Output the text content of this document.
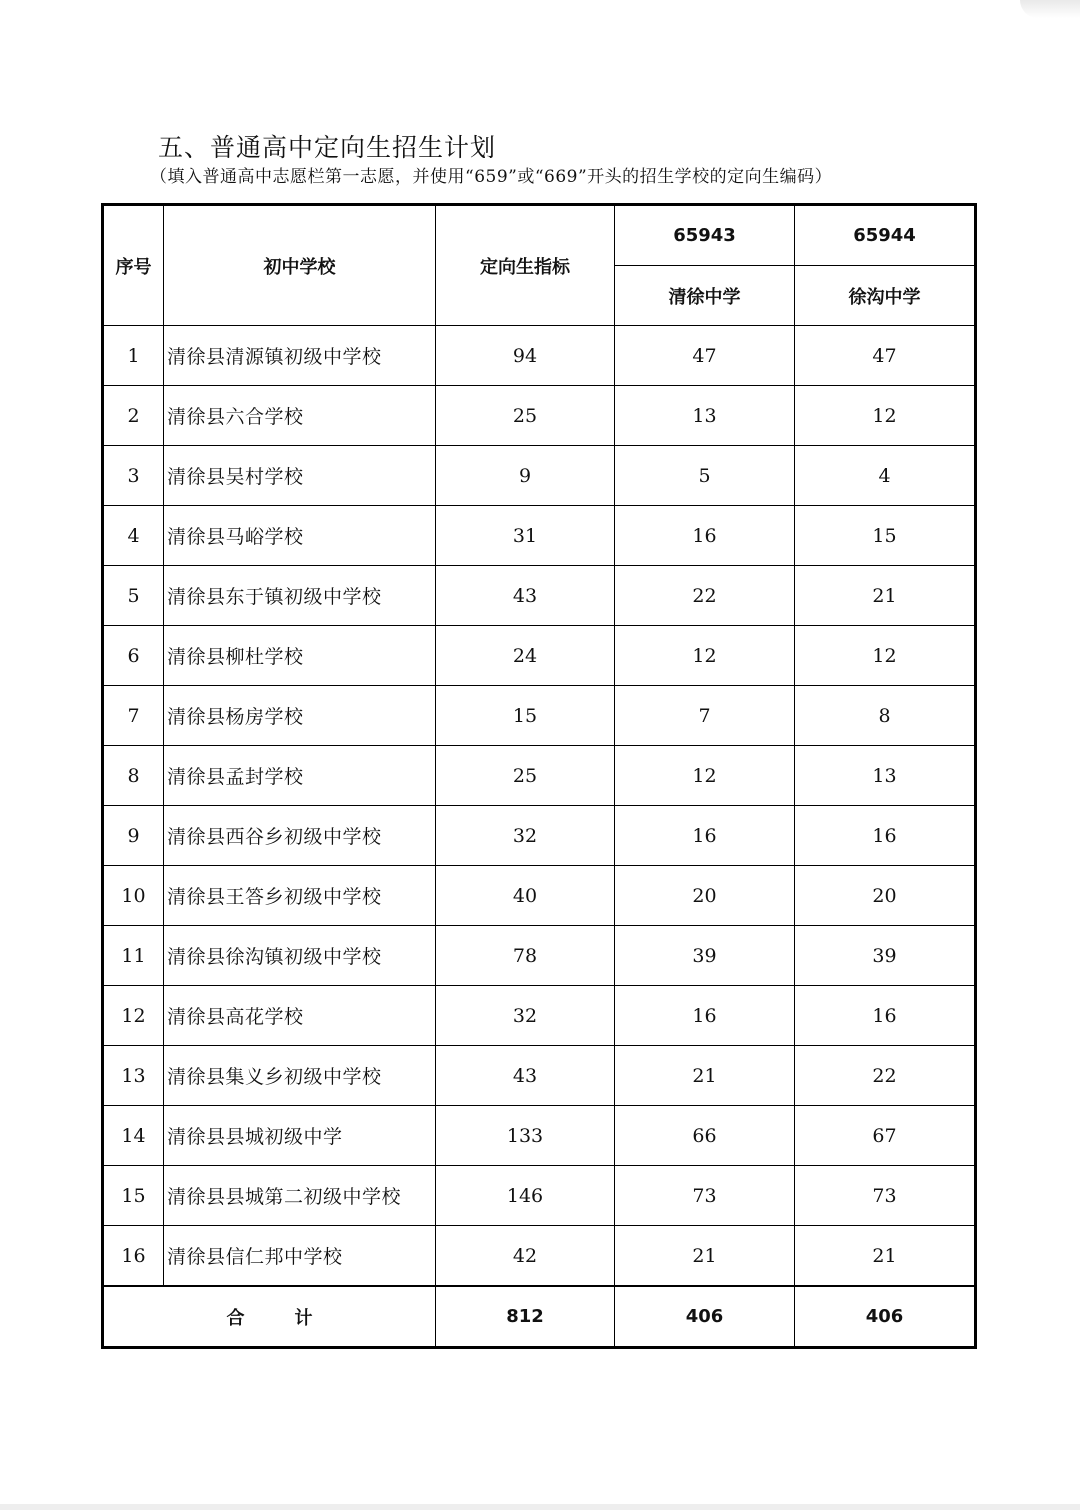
五、普通高中定向生招生计划
（填入普通高中志愿栏第一志愿，并使用“659”或“669”开头的招生学校的定向生编码）
序号	初中学校	定向生指标	65943	65944
			清徐中学	徐沟中学
1	清徐县清源镇初级中学校	94	47	47
2	清徐县六合学校	25	13	12
3	清徐县吴村学校	9	5	4
4	清徐县马峪学校	31	16	15
5	清徐县东于镇初级中学校	43	22	21
6	清徐县柳杜学校	24	12	12
7	清徐县杨房学校	15	7	8
8	清徐县孟封学校	25	12	13
9	清徐县西谷乡初级中学校	32	16	16
10	清徐县王答乡初级中学校	40	20	20
11	清徐县徐沟镇初级中学校	78	39	39
12	清徐县高花学校	32	16	16
13	清徐县集义乡初级中学校	43	21	22
14	清徐县县城初级中学	133	66	67
15	清徐县县城第二初级中学校	146	73	73
16	清徐县信仁邦中学校	42	21	21
合计		812	406	406
